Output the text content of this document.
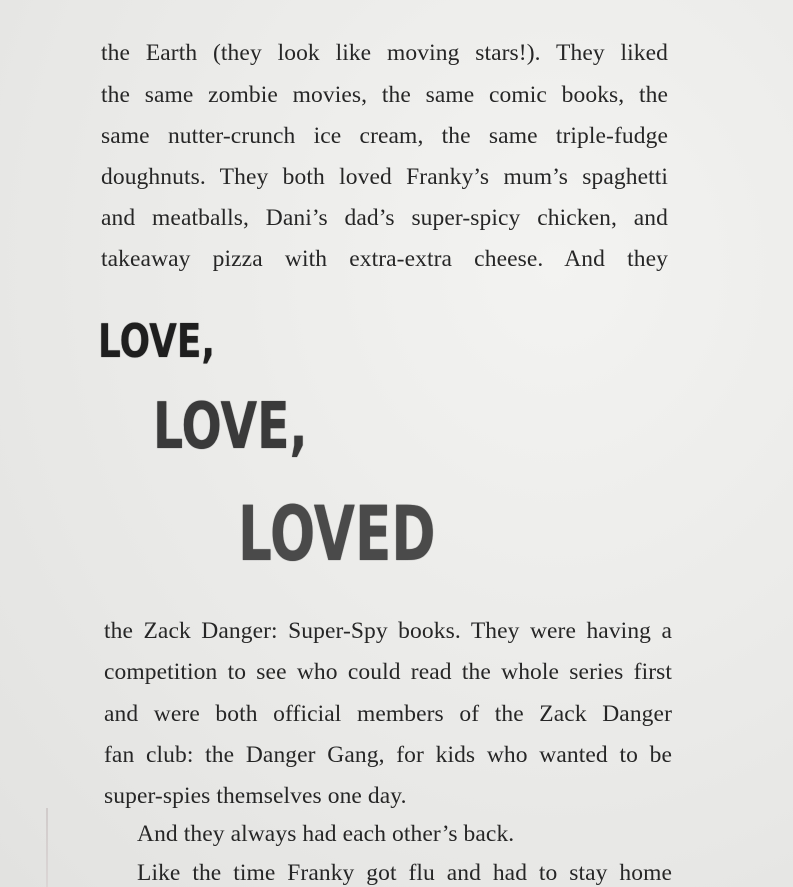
the Earth (they look like moving stars!). They liked
the same zombie movies, the same comic books, the
same nutter-crunch ice cream, the same triple-fudge
doughnuts. They both loved Franky’s mum’s spaghetti
and meatballs, Dani’s dad’s super-spicy chicken, and
takeaway pizza with extra-extra cheese. And they
LOVE,
LOVE,
LOVED
the Zack Danger: Super-Spy books. They were having a
competition to see who could read the whole series first
and were both official members of the Zack Danger
fan club: the Danger Gang, for kids who wanted to be
super-spies themselves one day.
And they always had each other’s back.
Like the time Franky got flu and had to stay home
